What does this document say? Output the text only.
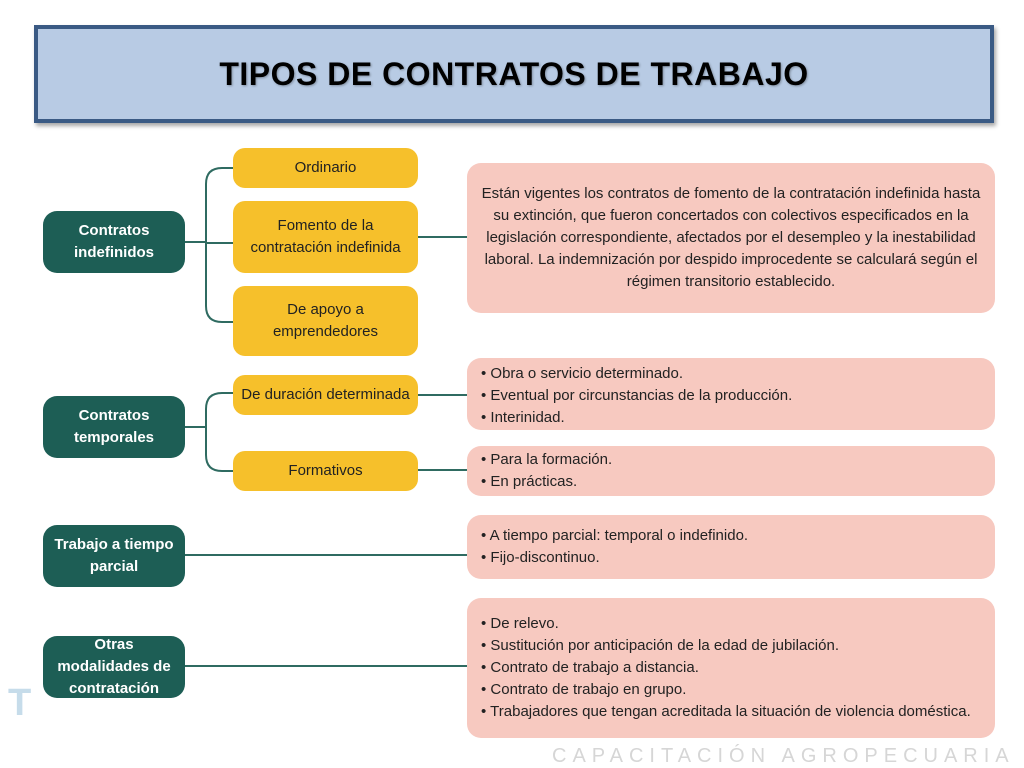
TIPOS DE CONTRATOS DE TRABAJO
Contratos indefinidos
Contratos temporales
Trabajo a tiempo parcial
Otras modalidades de contratación
Ordinario
Fomento de la contratación indefinida
De apoyo a emprendedores
De duración determinada
Formativos
Están vigentes los contratos de fomento de la contratación indefinida hasta su extinción, que fueron concertados con colectivos especificados en la legislación correspondiente, afectados por el desempleo y la inestabilidad laboral. La indemnización por despido improcedente se calculará según el régimen transitorio establecido.
• Obra o servicio determinado.
• Eventual por circunstancias de la producción.
• Interinidad.
• Para la formación.
• En prácticas.
• A tiempo parcial: temporal o indefinido.
• Fijo-discontinuo.
• De relevo.
• Sustitución por anticipación de la edad de jubilación.
• Contrato de trabajo a distancia.
• Contrato de trabajo en grupo.
• Trabajadores que tengan acreditada la situación de violencia doméstica.
T
CAPACITACIÓN AGROPECUARIA
